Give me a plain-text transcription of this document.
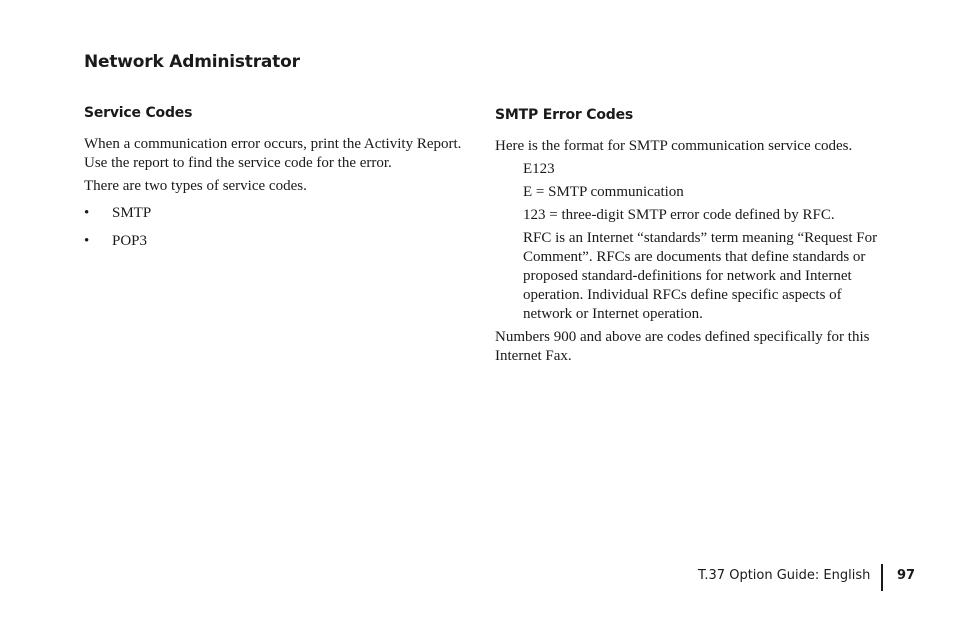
Network Administrator
Service Codes

When a communication error occurs, print the Activity Report. Use the report to find the service code for the error.

There are two types of service codes.

•	SMTP
•	POP3
SMTP Error Codes

Here is the format for SMTP communication service codes.

E123

E = SMTP communication

123 = three-digit SMTP error code defined by RFC.

RFC is an Internet “standards” term meaning “Request For Comment”. RFCs are documents that define standards or proposed standard-definitions for network and Internet operation. Individual RFCs define specific aspects of network or Internet operation.

Numbers 900 and above are codes defined specifically for this Internet Fax.

T.37 Option Guide: English 97
